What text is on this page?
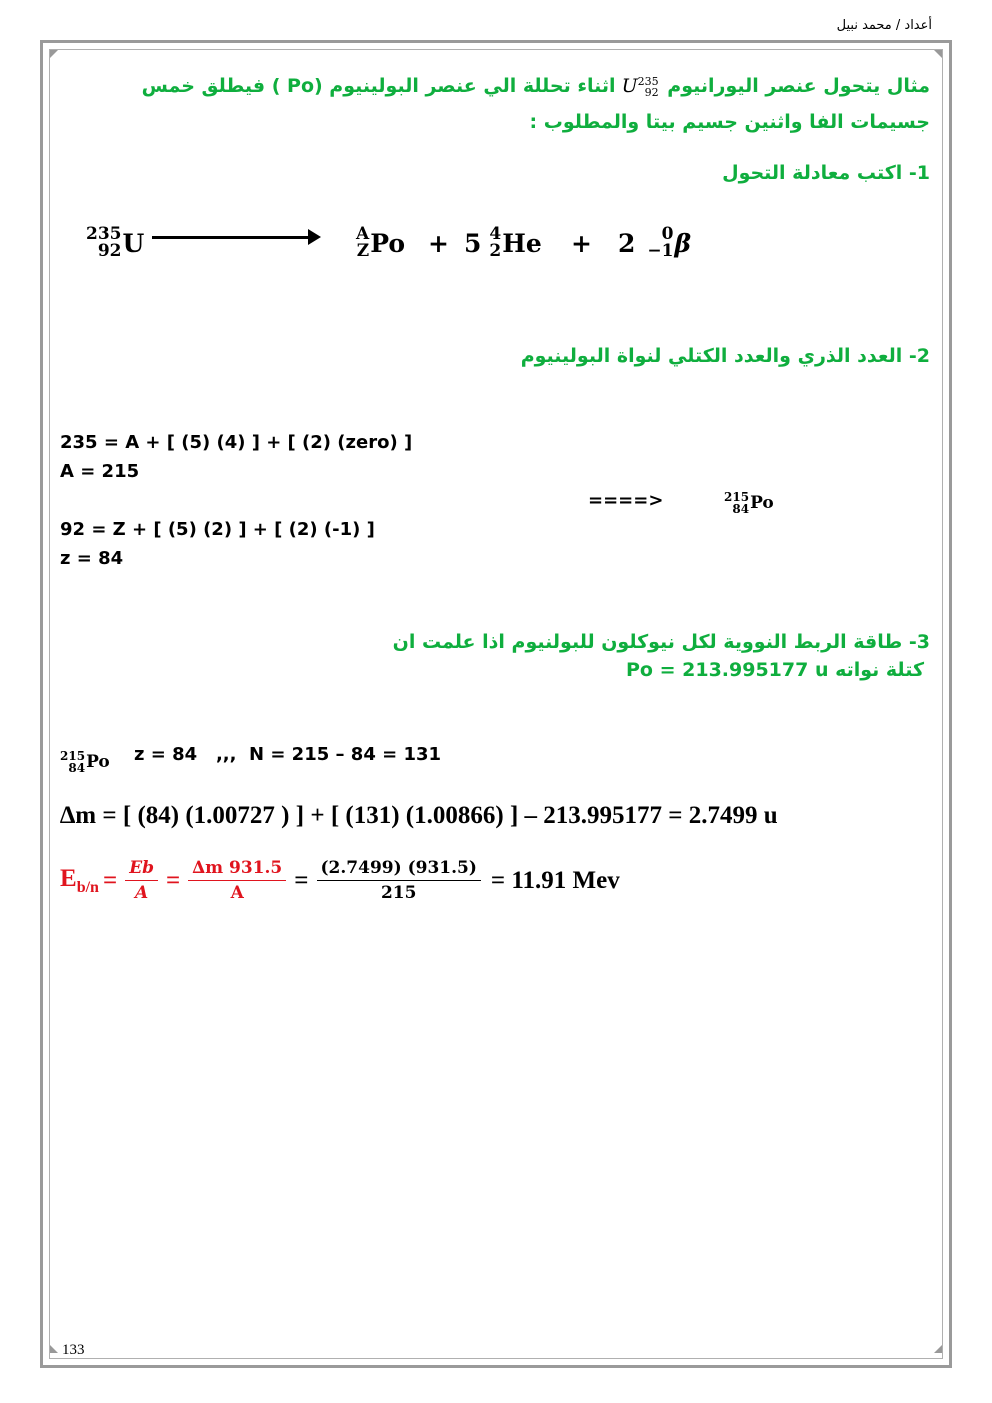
أعداد / محمد نبيل
مثال يتحول عنصر اليورانيوم
235
92
U اثناء تحللة الي عنصر البولينيوم (Po ) فيطلق خمس جسيمات الفا واثنين جسيم بيتا والمطلوب :
1- اكتب معادلة التحول
235
92 U	A
Z Po + 5 4
2 He + 2	0
−1 β
2- العدد الذري والعدد الكتلي لنواة البولينيوم
235 = A + [ (5) (4) ] + [ (2) (zero) ]
A = 215
====>	215
84 Po
92 = Z + [ (5) (2) ] + [ (2) (-1) ]
z = 84
3- طاقة الربط النووية لكل نيوكلون للبولنيوم اذا علمت ان
كتلة نواته Po = 213.995177 u
215
84 Po z = 84   ,,,  N = 215 – 84 = 131
∆m = [ (84) (1.00727 ) ] + [ (131) (1.00866) ] – 213.995177 = 2.7499 u
$E_{b/n} = \frac{Eb}{A} = \frac{\Delta m 931.5}{A} = \frac{(2.7499) (931.5)}{215} = 11.91$ Mev
133
